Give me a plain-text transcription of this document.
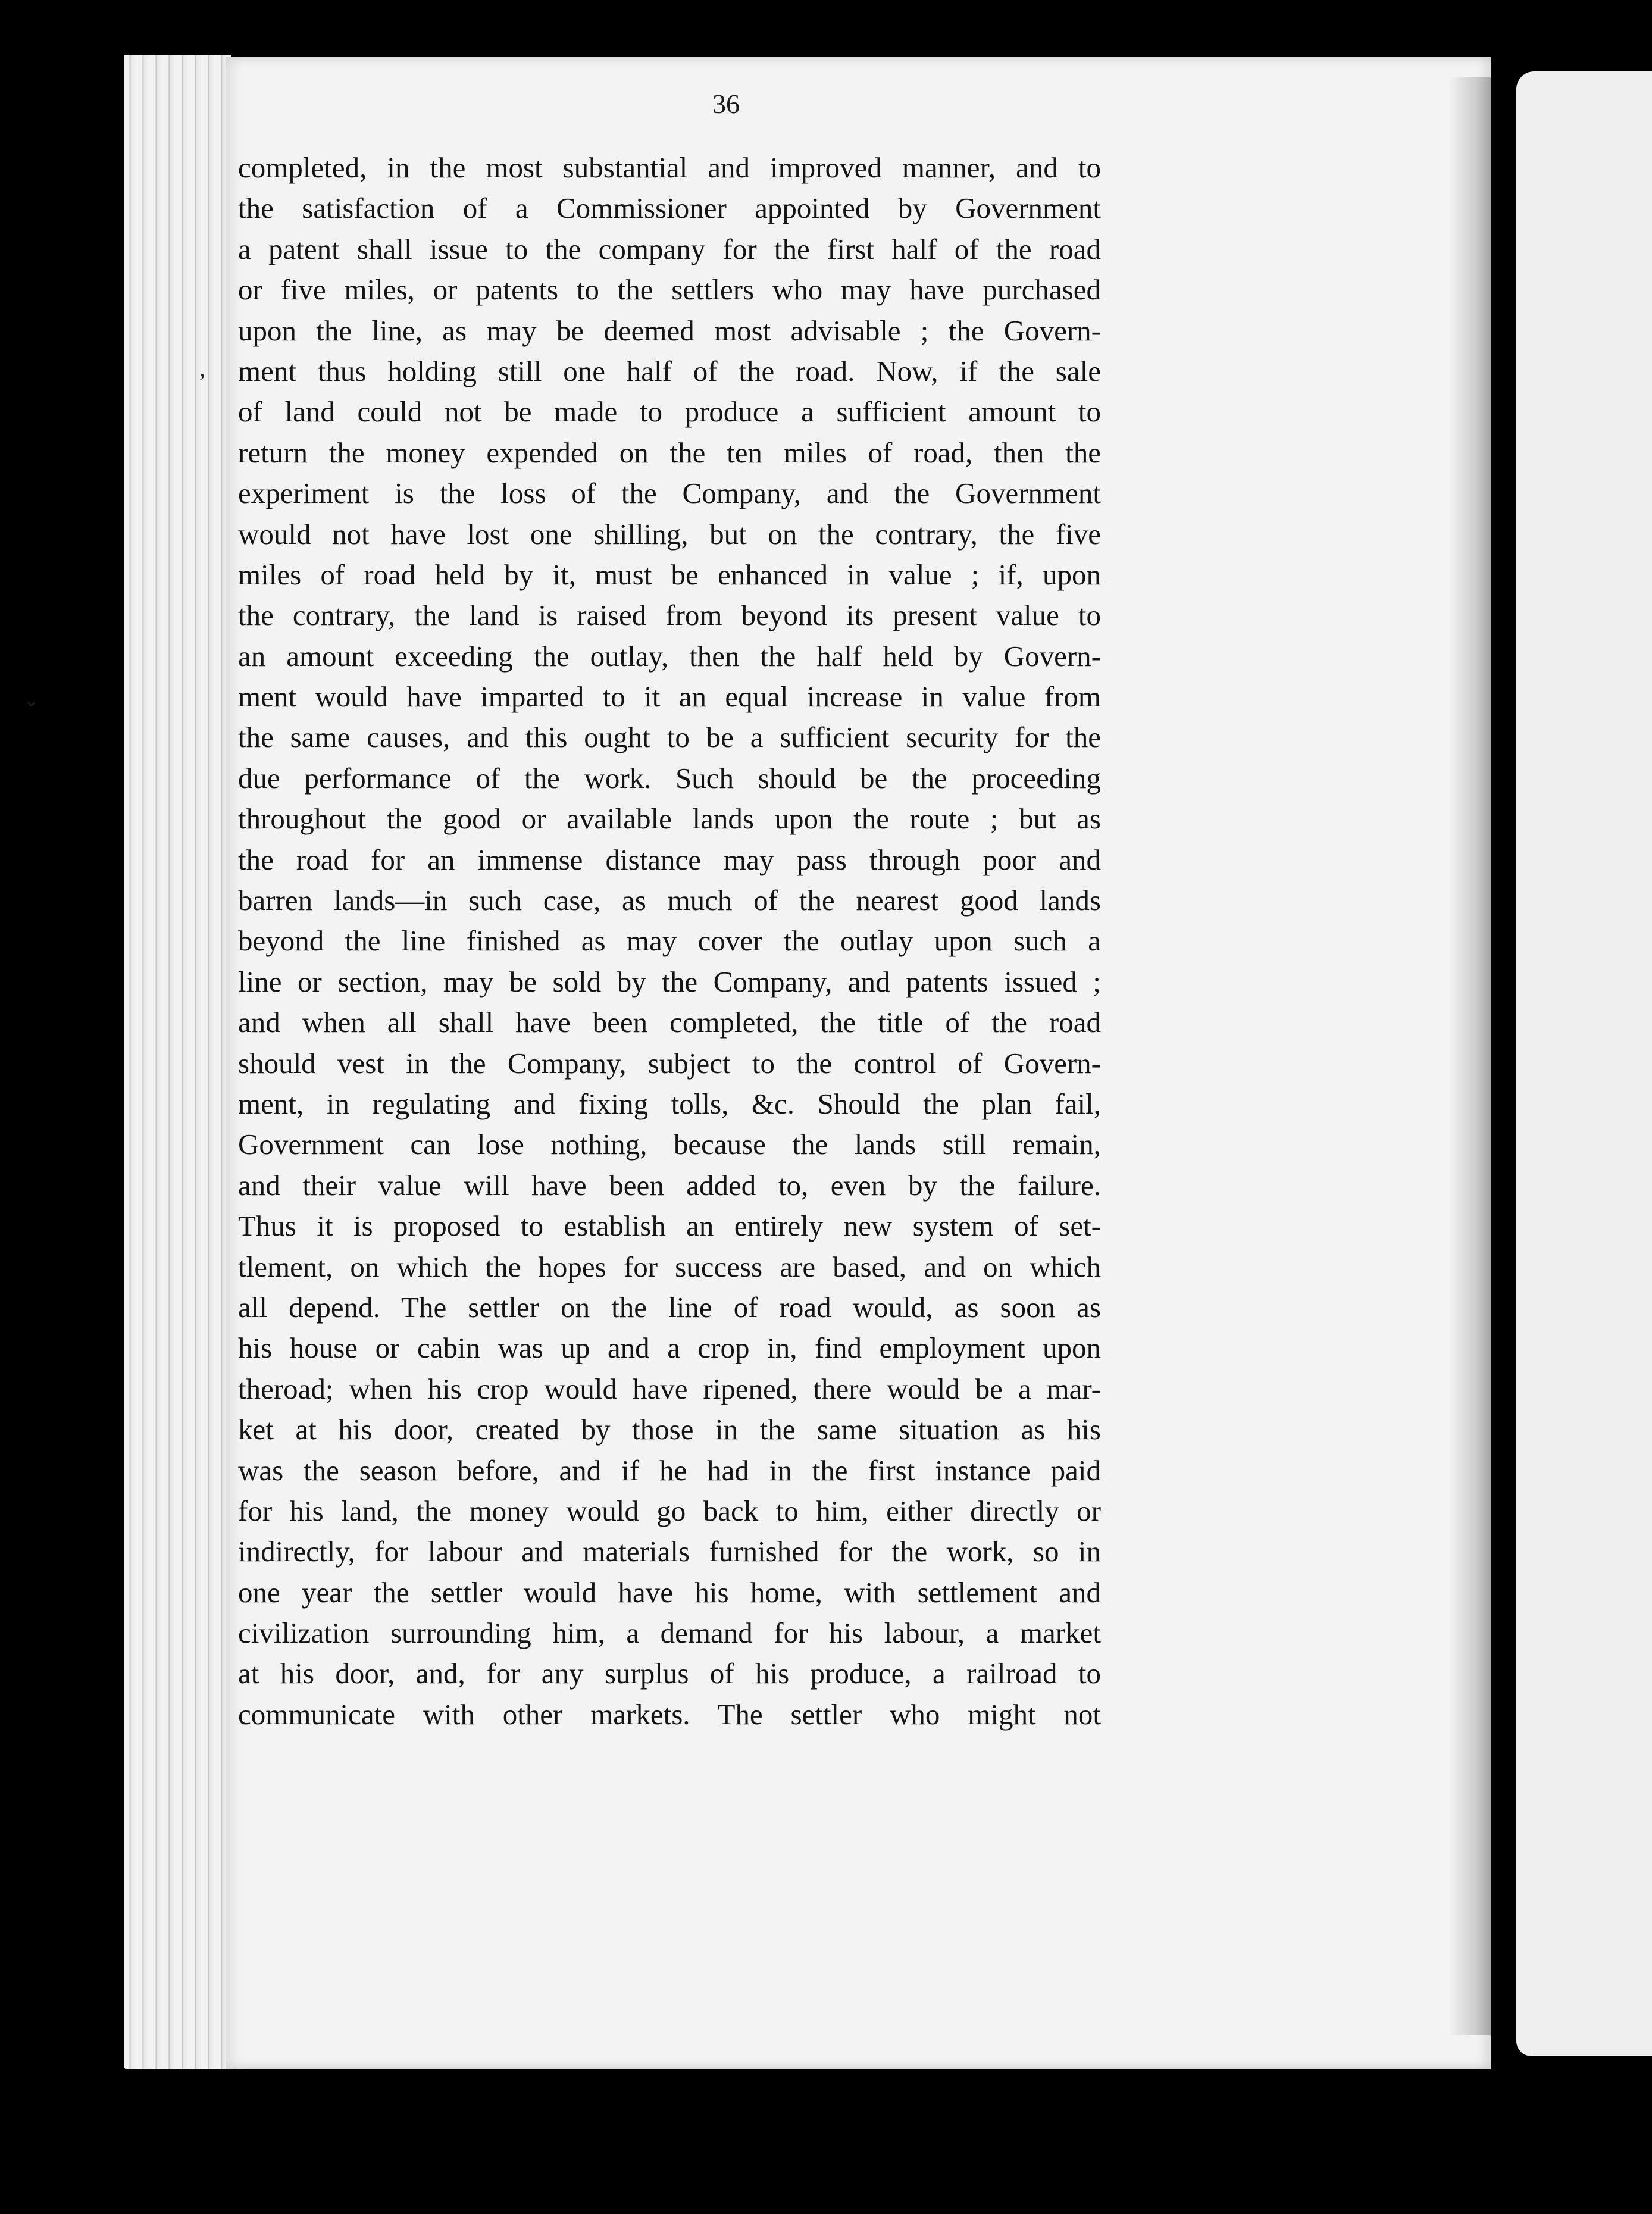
,
⌄
36
completed, in the most substantial and improved manner, and to
the satisfaction of a Commissioner appointed by Government
a patent shall issue to the company for the first half of the road
or five miles, or patents to the settlers who may have purchased
upon the line, as may be deemed most advisable ; the Govern-
ment thus holding still one half of the road. Now, if the sale
of land could not be made to produce a sufficient amount to
return the money expended on the ten miles of road, then the
experiment is the loss of the Company, and the Government
would not have lost one shilling, but on the contrary, the five
miles of road held by it, must be enhanced in value ; if, upon
the contrary, the land is raised from beyond its present value to
an amount exceeding the outlay, then the half held by Govern-
ment would have imparted to it an equal increase in value from
the same causes, and this ought to be a sufficient security for the
due performance of the work. Such should be the proceeding
throughout the good or available lands upon the route ; but as
the road for an immense distance may pass through poor and
barren lands—in such case, as much of the nearest good lands
beyond the line finished as may cover the outlay upon such a
line or section, may be sold by the Company, and patents issued ;
and when all shall have been completed, the title of the road
should vest in the Company, subject to the control of Govern-
ment, in regulating and fixing tolls, &c. Should the plan fail,
Government can lose nothing, because the lands still remain,
and their value will have been added to, even by the failure.
Thus it is proposed to establish an entirely new system of set-
tlement, on which the hopes for success are based, and on which
all depend. The settler on the line of road would, as soon as
his house or cabin was up and a crop in, find employment upon
theroad; when his crop would have ripened, there would be a mar-
ket at his door, created by those in the same situation as his
was the season before, and if he had in the first instance paid
for his land, the money would go back to him, either directly or
indirectly, for labour and materials furnished for the work, so in
one year the settler would have his home, with settlement and
civilization surrounding him, a demand for his labour, a market
at his door, and, for any surplus of his produce, a railroad to
communicate with other markets. The settler who might not
